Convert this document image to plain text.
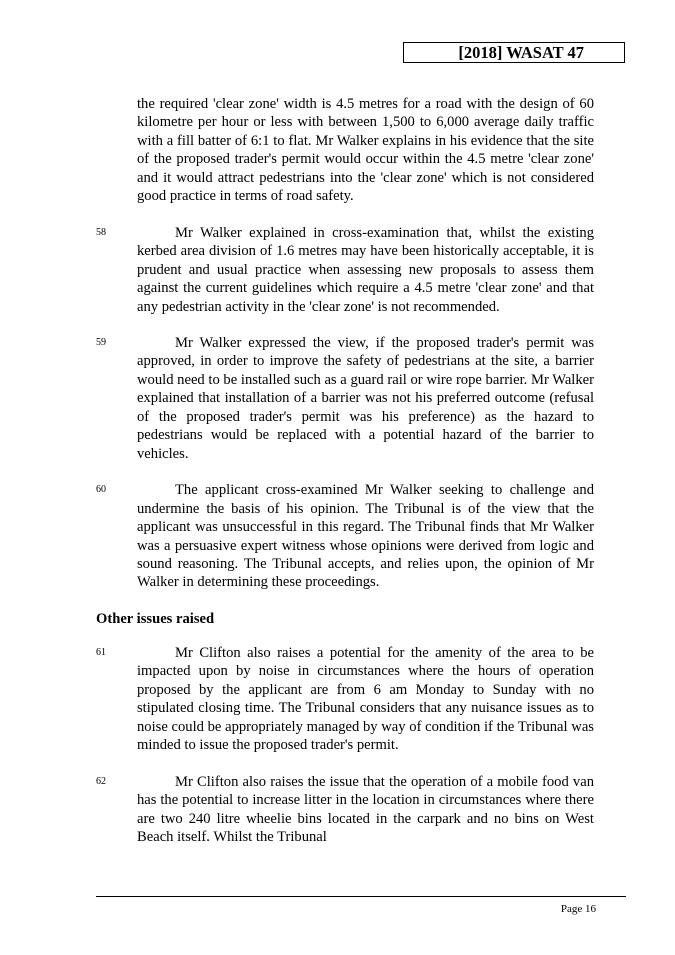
[2018] WASAT 47
the required 'clear zone' width is 4.5 metres for a road with the design of 60 kilometre per hour or less with between 1,500 to 6,000 average daily traffic with a fill batter of 6:1 to flat. Mr Walker explains in his evidence that the site of the proposed trader's permit would occur within the 4.5 metre 'clear zone' and it would attract pedestrians into the 'clear zone' which is not considered good practice in terms of road safety.
58	Mr Walker explained in cross-examination that, whilst the existing kerbed area division of 1.6 metres may have been historically acceptable, it is prudent and usual practice when assessing new proposals to assess them against the current guidelines which require a 4.5 metre 'clear zone' and that any pedestrian activity in the 'clear zone' is not recommended.
59	Mr Walker expressed the view, if the proposed trader's permit was approved, in order to improve the safety of pedestrians at the site, a barrier would need to be installed such as a guard rail or wire rope barrier. Mr Walker explained that installation of a barrier was not his preferred outcome (refusal of the proposed trader's permit was his preference) as the hazard to pedestrians would be replaced with a potential hazard of the barrier to vehicles.
60	The applicant cross-examined Mr Walker seeking to challenge and undermine the basis of his opinion. The Tribunal is of the view that the applicant was unsuccessful in this regard. The Tribunal finds that Mr Walker was a persuasive expert witness whose opinions were derived from logic and sound reasoning. The Tribunal accepts, and relies upon, the opinion of Mr Walker in determining these proceedings.
Other issues raised
61	Mr Clifton also raises a potential for the amenity of the area to be impacted upon by noise in circumstances where the hours of operation proposed by the applicant are from 6 am Monday to Sunday with no stipulated closing time. The Tribunal considers that any nuisance issues as to noise could be appropriately managed by way of condition if the Tribunal was minded to issue the proposed trader's permit.
62	Mr Clifton also raises the issue that the operation of a mobile food van has the potential to increase litter in the location in circumstances where there are two 240 litre wheelie bins located in the carpark and no bins on West Beach itself. Whilst the Tribunal
Page 16
